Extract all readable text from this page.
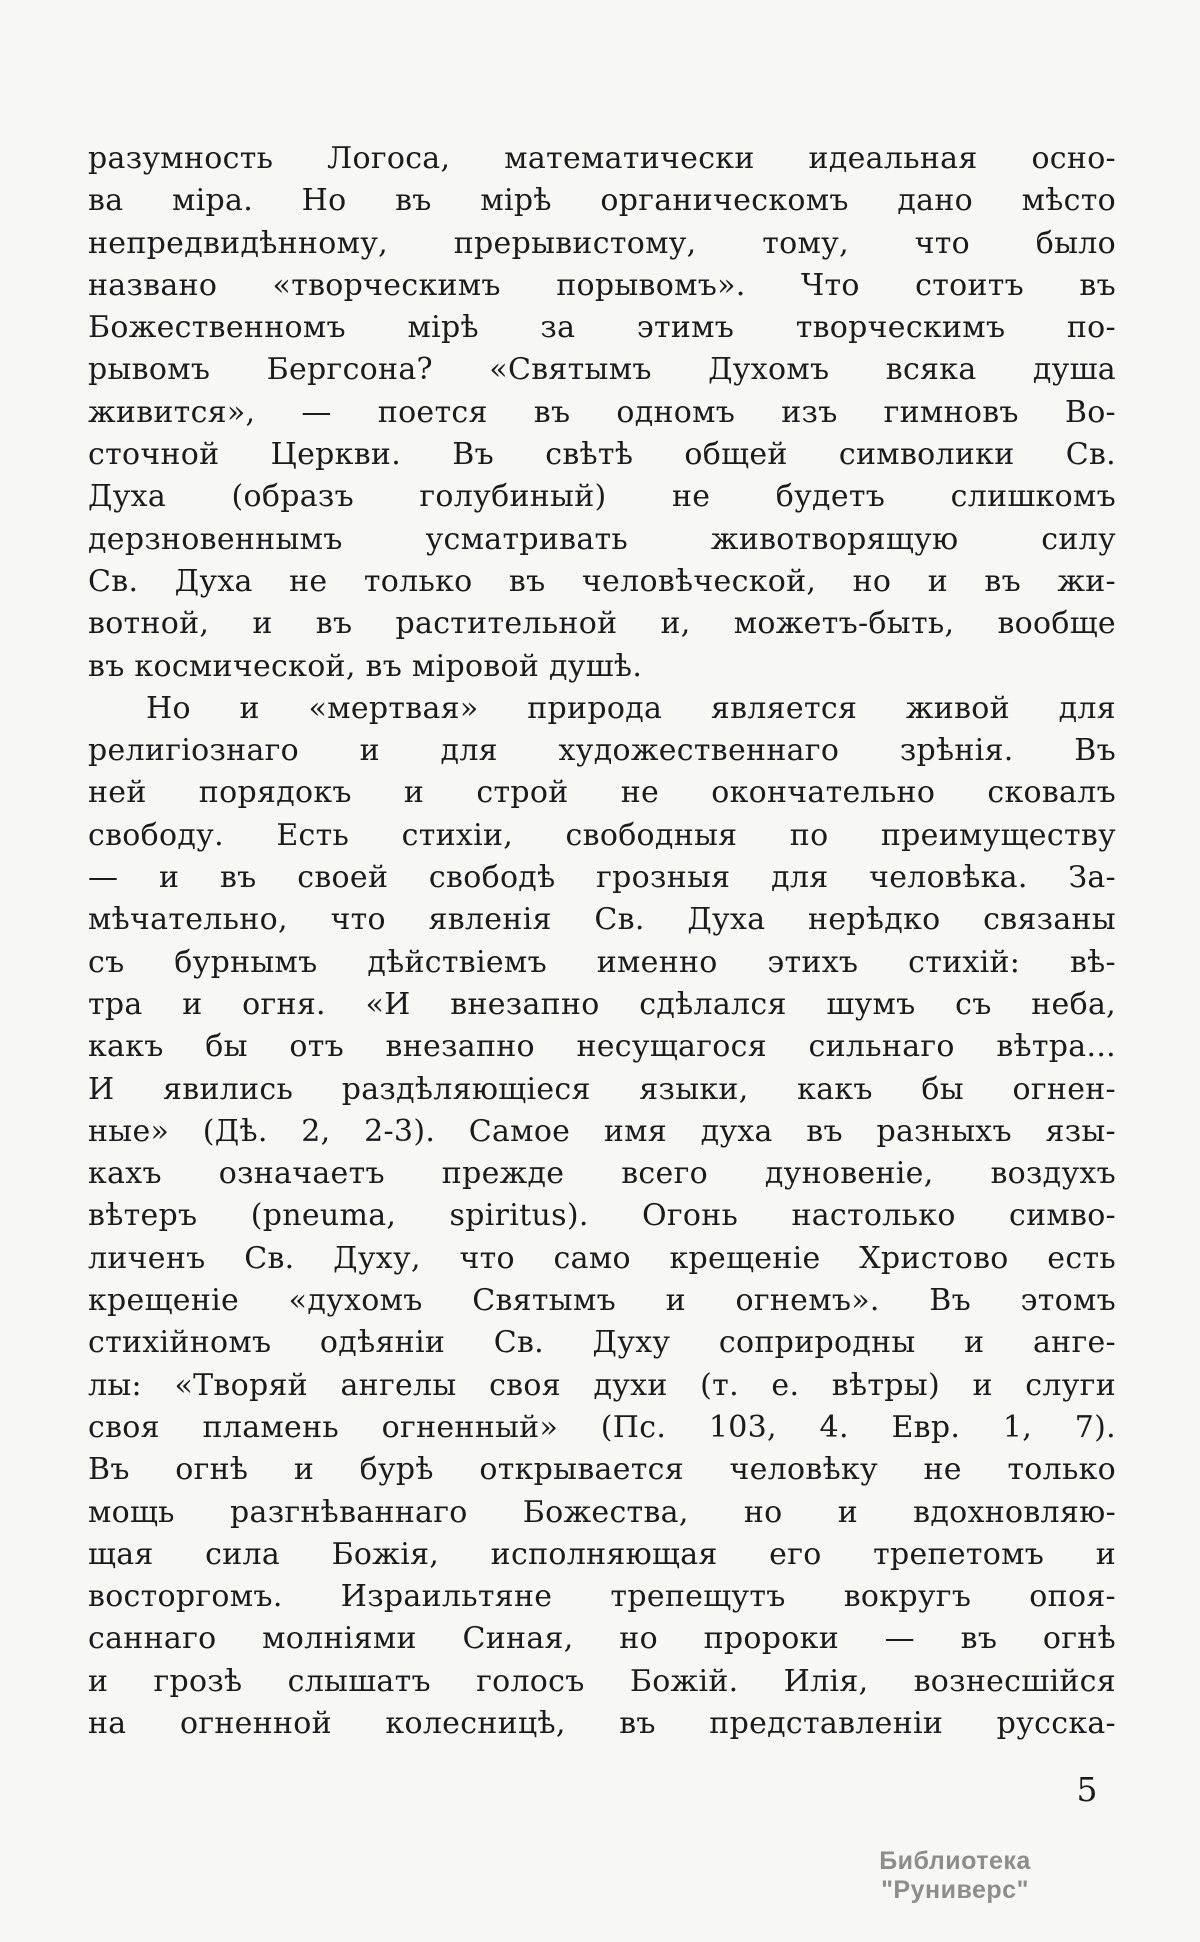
разумность Логоса, математически идеальная осно-
ва міра. Но въ мірѣ органическомъ дано мѣсто
непредвидѣнному, прерывистому, тому, что было
названо «творческимъ порывомъ». Что стоитъ въ
Божественномъ мірѣ за этимъ творческимъ по-
рывомъ Бергсона? «Святымъ Духомъ всяка душа
живится», — поется въ одномъ изъ гимновъ Во-
сточной Церкви. Въ свѣтѣ общей символики Св.
Духа (образъ голубиный) не будетъ слишкомъ
дерзновеннымъ усматривать животворящую силу
Св. Духа не только въ человѣческой, но и въ жи-
вотной, и въ растительной и, можетъ-быть, вообще
въ космической, въ міровой душѣ.
Но и «мертвая» природа является живой для
религіознаго и для художественнаго зрѣнія. Въ
ней порядокъ и строй не окончательно сковалъ
свободу. Есть стихіи, свободныя по преимуществу
— и въ своей свободѣ грозныя для человѣка. За-
мѣчательно, что явленія Св. Духа нерѣдко связаны
съ бурнымъ дѣйствіемъ именно этихъ стихій: вѣ-
тра и огня. «И внезапно сдѣлался шумъ съ неба,
какъ бы отъ внезапно несущагося сильнаго вѣтра...
И явились раздѣляющіеся языки, какъ бы огнен-
ные» (Дѣ. 2, 2-3). Самое имя духа въ разныхъ язы-
кахъ означаетъ прежде всего дуновеніе, воздухъ
вѣтеръ (pneuma, spiritus). Огонь настолько симво-
личенъ Св. Духу, что само крещеніе Христово есть
крещеніе «духомъ Святымъ и огнемъ». Въ этомъ
стихійномъ одѣяніи Св. Духу соприродны и анге-
лы: «Творяй ангелы своя духи (т. е. вѣтры) и слуги
своя пламень огненный» (Пс. 103, 4. Евр. 1, 7).
Въ огнѣ и бурѣ открывается человѣку не только
мощь разгнѣваннаго Божества, но и вдохновляю-
щая сила Божія, исполняющая его трепетомъ и
восторгомъ. Израильтяне трепещутъ вокругъ опоя-
саннаго молніями Синая, но пророки — въ огнѣ
и грозѣ слышатъ голосъ Божій. Илія, вознесшійся
на огненной колесницѣ, въ представленіи русска-
5
Библиотека "Руниверс"
